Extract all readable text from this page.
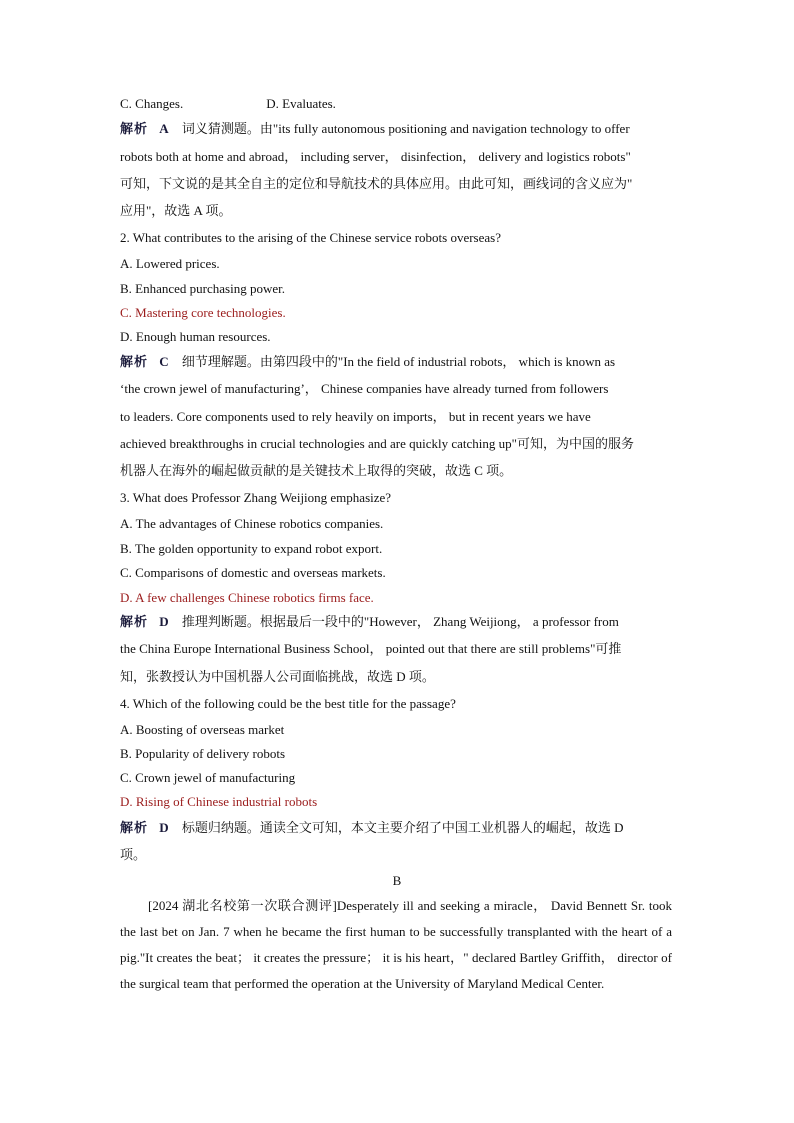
C. Changes.	D. Evaluates.
解析 A 词义猜测题。由"its fully autonomous positioning and navigation technology to offer
robots both at home and abroad， including server， disinfection， delivery and logistics robots"
可知，下文说的是其全自主的定位和导航技术的具体应用。由此可知，画线词的含义应为"
应用"，故选 A 项。
2. What contributes to the arising of the Chinese service robots overseas?
A. Lowered prices.
B. Enhanced purchasing power.
C. Mastering core technologies.
D. Enough human resources.
解析 C 细节理解题。由第四段中的"In the field of industrial robots， which is known as
‘the crown jewel of manufacturing’， Chinese companies have already turned from followers
to leaders. Core components used to rely heavily on imports， but in recent years we have
achieved breakthroughs in crucial technologies and are quickly catching up"可知，为中国的服务
机器人在海外的崛起做贡献的是关键技术上取得的突破，故选 C 项。
3. What does Professor Zhang Weijiong emphasize?
A. The advantages of Chinese robotics companies.
B. The golden opportunity to expand robot export.
C. Comparisons of domestic and overseas markets.
D. A few challenges Chinese robotics firms face.
解析 D 推理判断题。根据最后一段中的"However， Zhang Weijiong， a professor from
the China Europe International Business School， pointed out that there are still problems"可推
知，张教授认为中国机器人公司面临挑战，故选 D 项。
4. Which of the following could be the best title for the passage?
A. Boosting of overseas market
B. Popularity of delivery robots
C. Crown jewel of manufacturing
D. Rising of Chinese industrial robots
解析 D 标题归纳题。通读全文可知，本文主要介绍了中国工业机器人的崛起，故选 D
项。
B
[2024 湖北名校第一次联合测评]Desperately ill and seeking a miracle， David Bennett Sr. took the last bet on Jan. 7 when he became the first human to be successfully transplanted with the heart of a pig."It creates the beat； it creates the pressure； it is his heart，" declared Bartley Griffith， director of the surgical team that performed the operation at the University of Maryland Medical Center.
